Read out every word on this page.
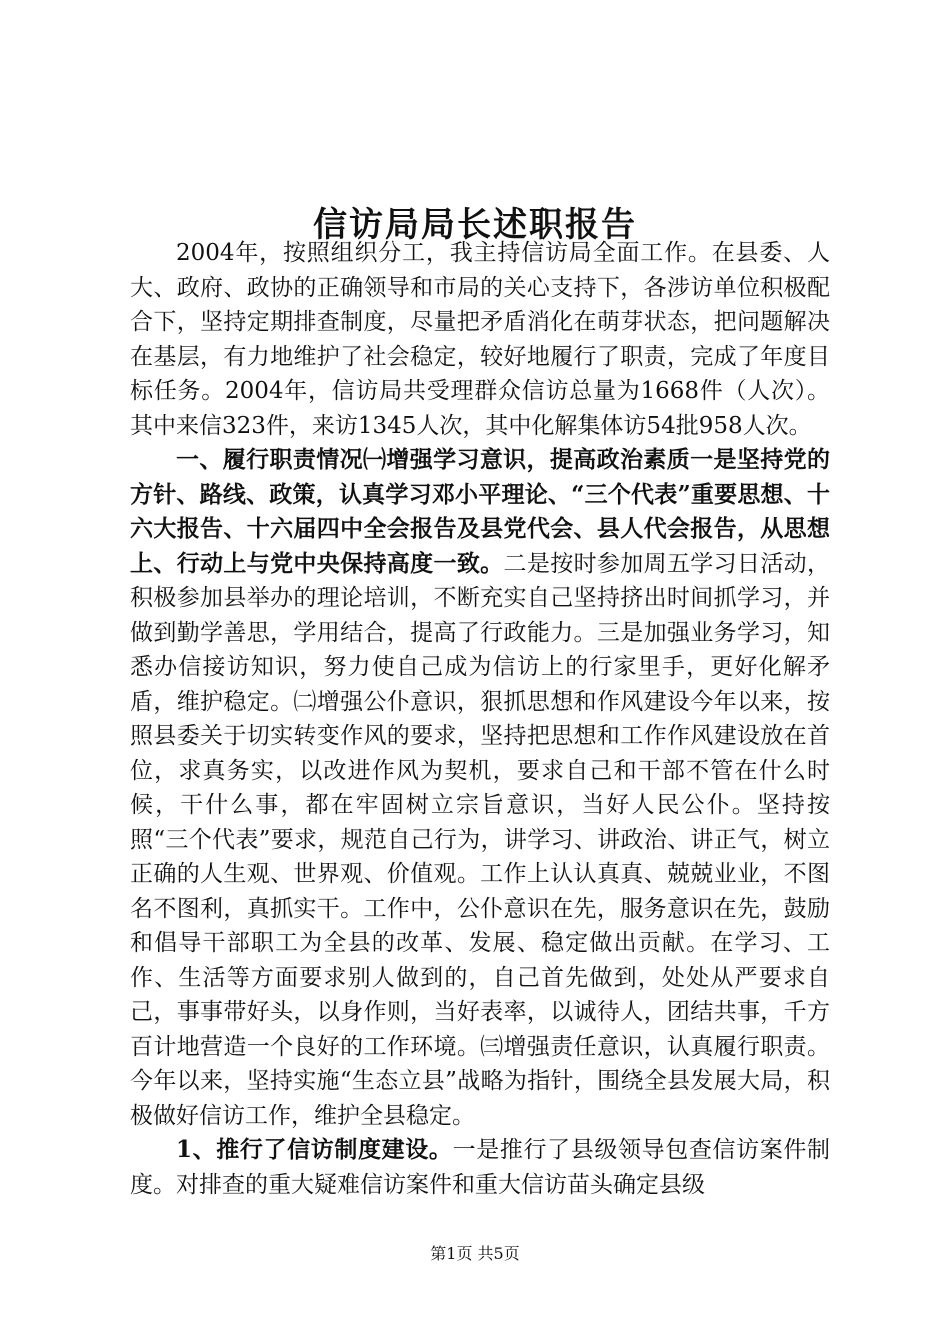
信访局局长述职报告

2004年，按照组织分工，我主持信访局全面工作。在县委、人大、政府、政协的正确领导和市局的关心支持下，各涉访单位积极配合下，坚持定期排查制度，尽量把矛盾消化在萌芽状态，把问题解决在基层，有力地维护了社会稳定，较好地履行了职责，完成了年度目标任务。2004年，信访局共受理群众信访总量为1668件（人次）。其中来信323件，来访1345人次，其中化解集体访54批958人次。

一、履行职责情况㈠增强学习意识，提高政治素质一是坚持党的方针、路线、政策，认真学习邓小平理论、“三个代表”重要思想、十六大报告、十六届四中全会报告及县党代会、县人代会报告，从思想上、行动上与党中央保持高度一致。二是按时参加周五学习日活动，积极参加县举办的理论培训，不断充实自己坚持挤出时间抓学习，并做到勤学善思，学用结合，提高了行政能力。三是加强业务学习，知悉办信接访知识，努力使自己成为信访上的行家里手，更好化解矛盾，维护稳定。㈡增强公仆意识，狠抓思想和作风建设今年以来，按照县委关于切实转变作风的要求，坚持把思想和工作作风建设放在首位，求真务实，以改进作风为契机，要求自己和干部不管在什么时候，干什么事，都在牢固树立宗旨意识，当好人民公仆。坚持按照“三个代表”要求，规范自己行为，讲学习、讲政治、讲正气，树立正确的人生观、世界观、价值观。工作上认认真真、兢兢业业，不图名不图利，真抓实干。工作中，公仆意识在先，服务意识在先，鼓励和倡导干部职工为全县的改革、发展、稳定做出贡献。在学习、工作、生活等方面要求别人做到的，自己首先做到，处处从严要求自己，事事带好头，以身作则，当好表率，以诚待人，团结共事，千方百计地营造一个良好的工作环境。㈢增强责任意识，认真履行职责。今年以来，坚持实施“生态立县”战略为指针，围绕全县发展大局，积极做好信访工作，维护全县稳定。

1、推行了信访制度建设。一是推行了县级领导包查信访案件制度。对排查的重大疑难信访案件和重大信访苗头确定县级

第1页 共5页
